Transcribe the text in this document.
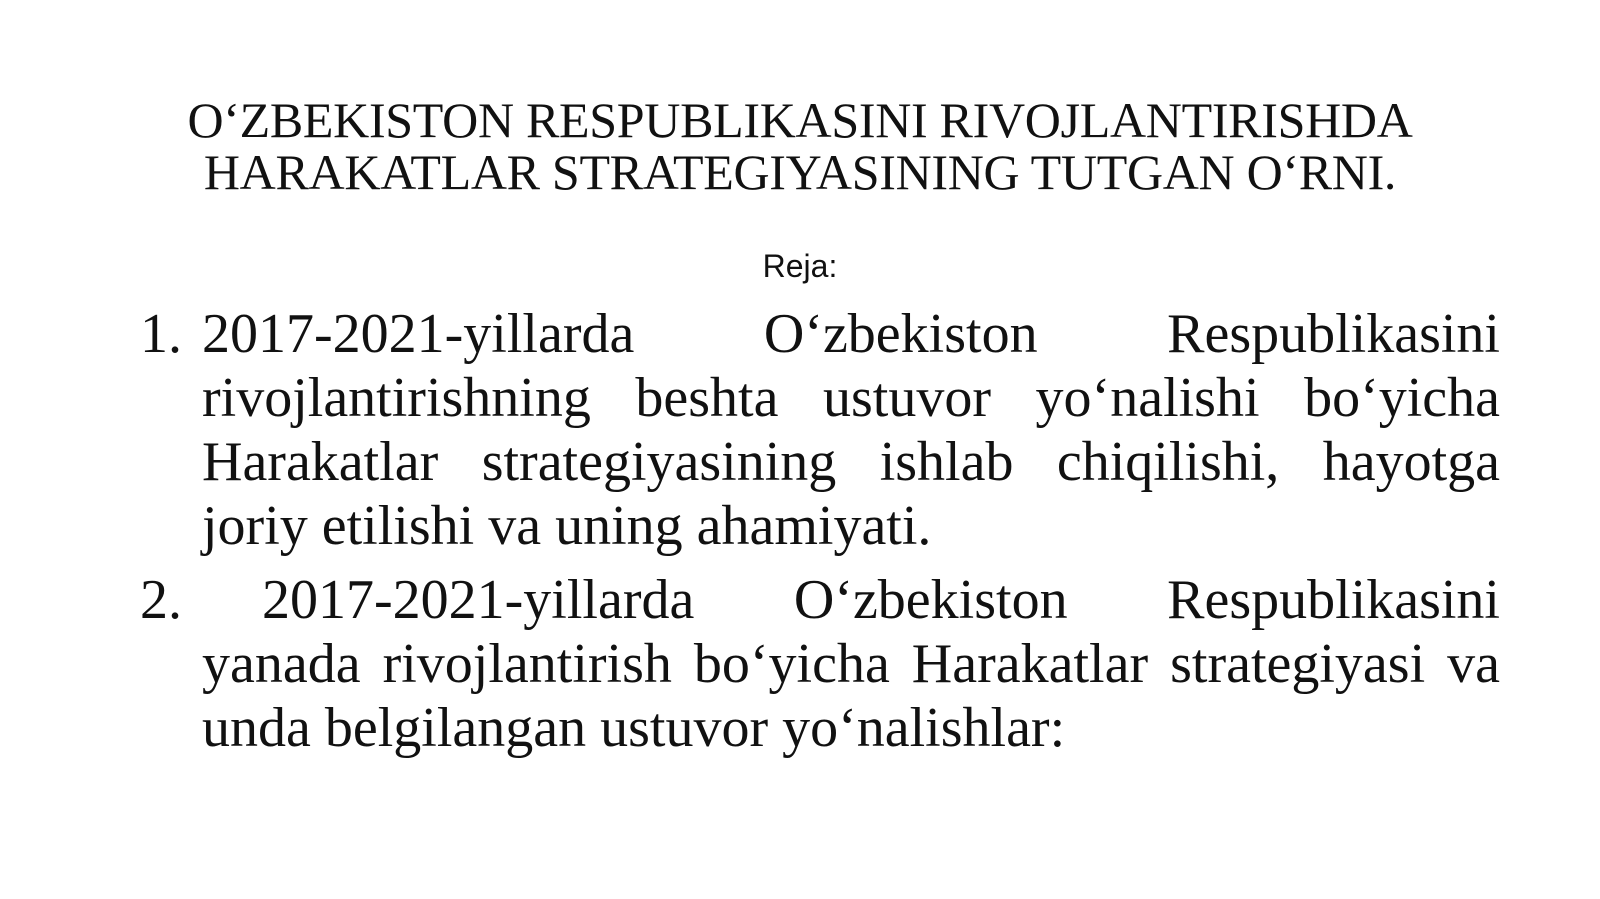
O‘ZBEKISTON RESPUBLIKASINI RIVOJLANTIRISHDA
HARAKATLAR STRATEGIYASINING TUTGAN O‘RNI.

Reja:

1. 2017-2021-yillarda O‘zbekiston Respublikasini rivojlantirishning beshta ustuvor yo‘nalishi bo‘yicha Harakatlar strategiyasining ishlab chiqilishi, hayotga joriy etilishi va uning ahamiyati.
2.	2017-2021-yillarda O‘zbekiston Respublikasini yanada rivojlantirish bo‘yicha Harakatlar strategiyasi va unda belgilangan ustuvor yo‘nalishlar:
